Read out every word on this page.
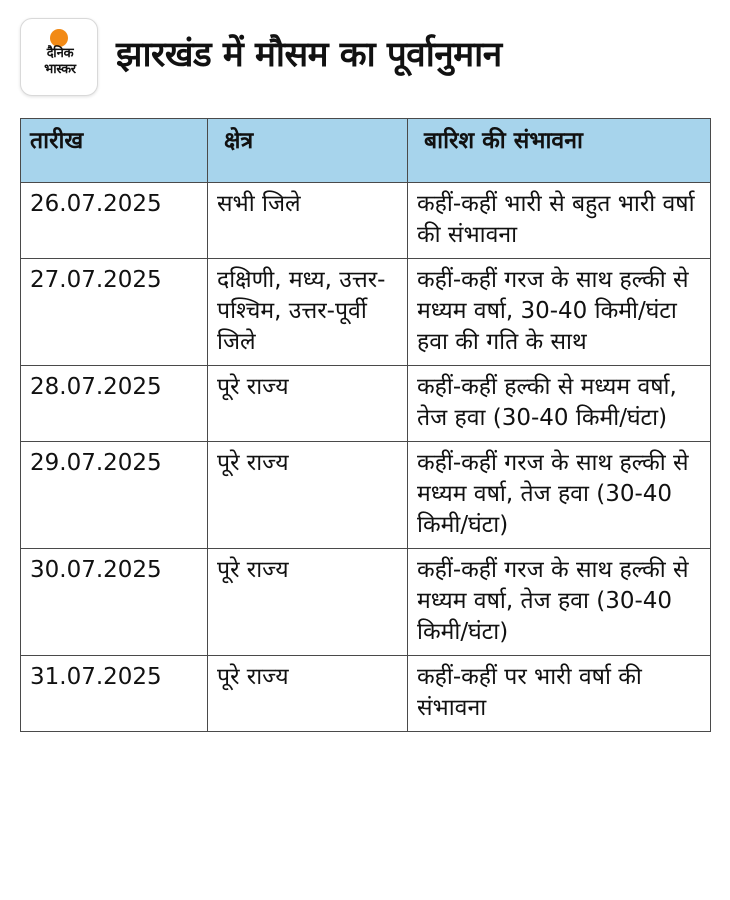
दैनिक
भास्कर	झारखंड में मौसम का पूर्वानुमान
तारीख	क्षेत्र	बारिश की संभावना
26.07.2025	सभी जिले	कहीं-कहीं भारी से बहुत भारी वर्षा की संभावना
27.07.2025	दक्षिणी, मध्य, उत्तर-पश्चिम, उत्तर-पूर्वी जिले	कहीं-कहीं गरज के साथ हल्की से मध्यम वर्षा, 30-40 किमी/घंटा हवा की गति के साथ
28.07.2025	पूरे राज्य	कहीं-कहीं हल्की से मध्यम वर्षा, तेज हवा (30-40 किमी/घंटा)
29.07.2025	पूरे राज्य	कहीं-कहीं गरज के साथ हल्की से मध्यम वर्षा, तेज हवा (30-40 किमी/घंटा)
30.07.2025	पूरे राज्य	कहीं-कहीं गरज के साथ हल्की से मध्यम वर्षा, तेज हवा (30-40 किमी/घंटा)
31.07.2025	पूरे राज्य	कहीं-कहीं पर भारी वर्षा की संभावना
